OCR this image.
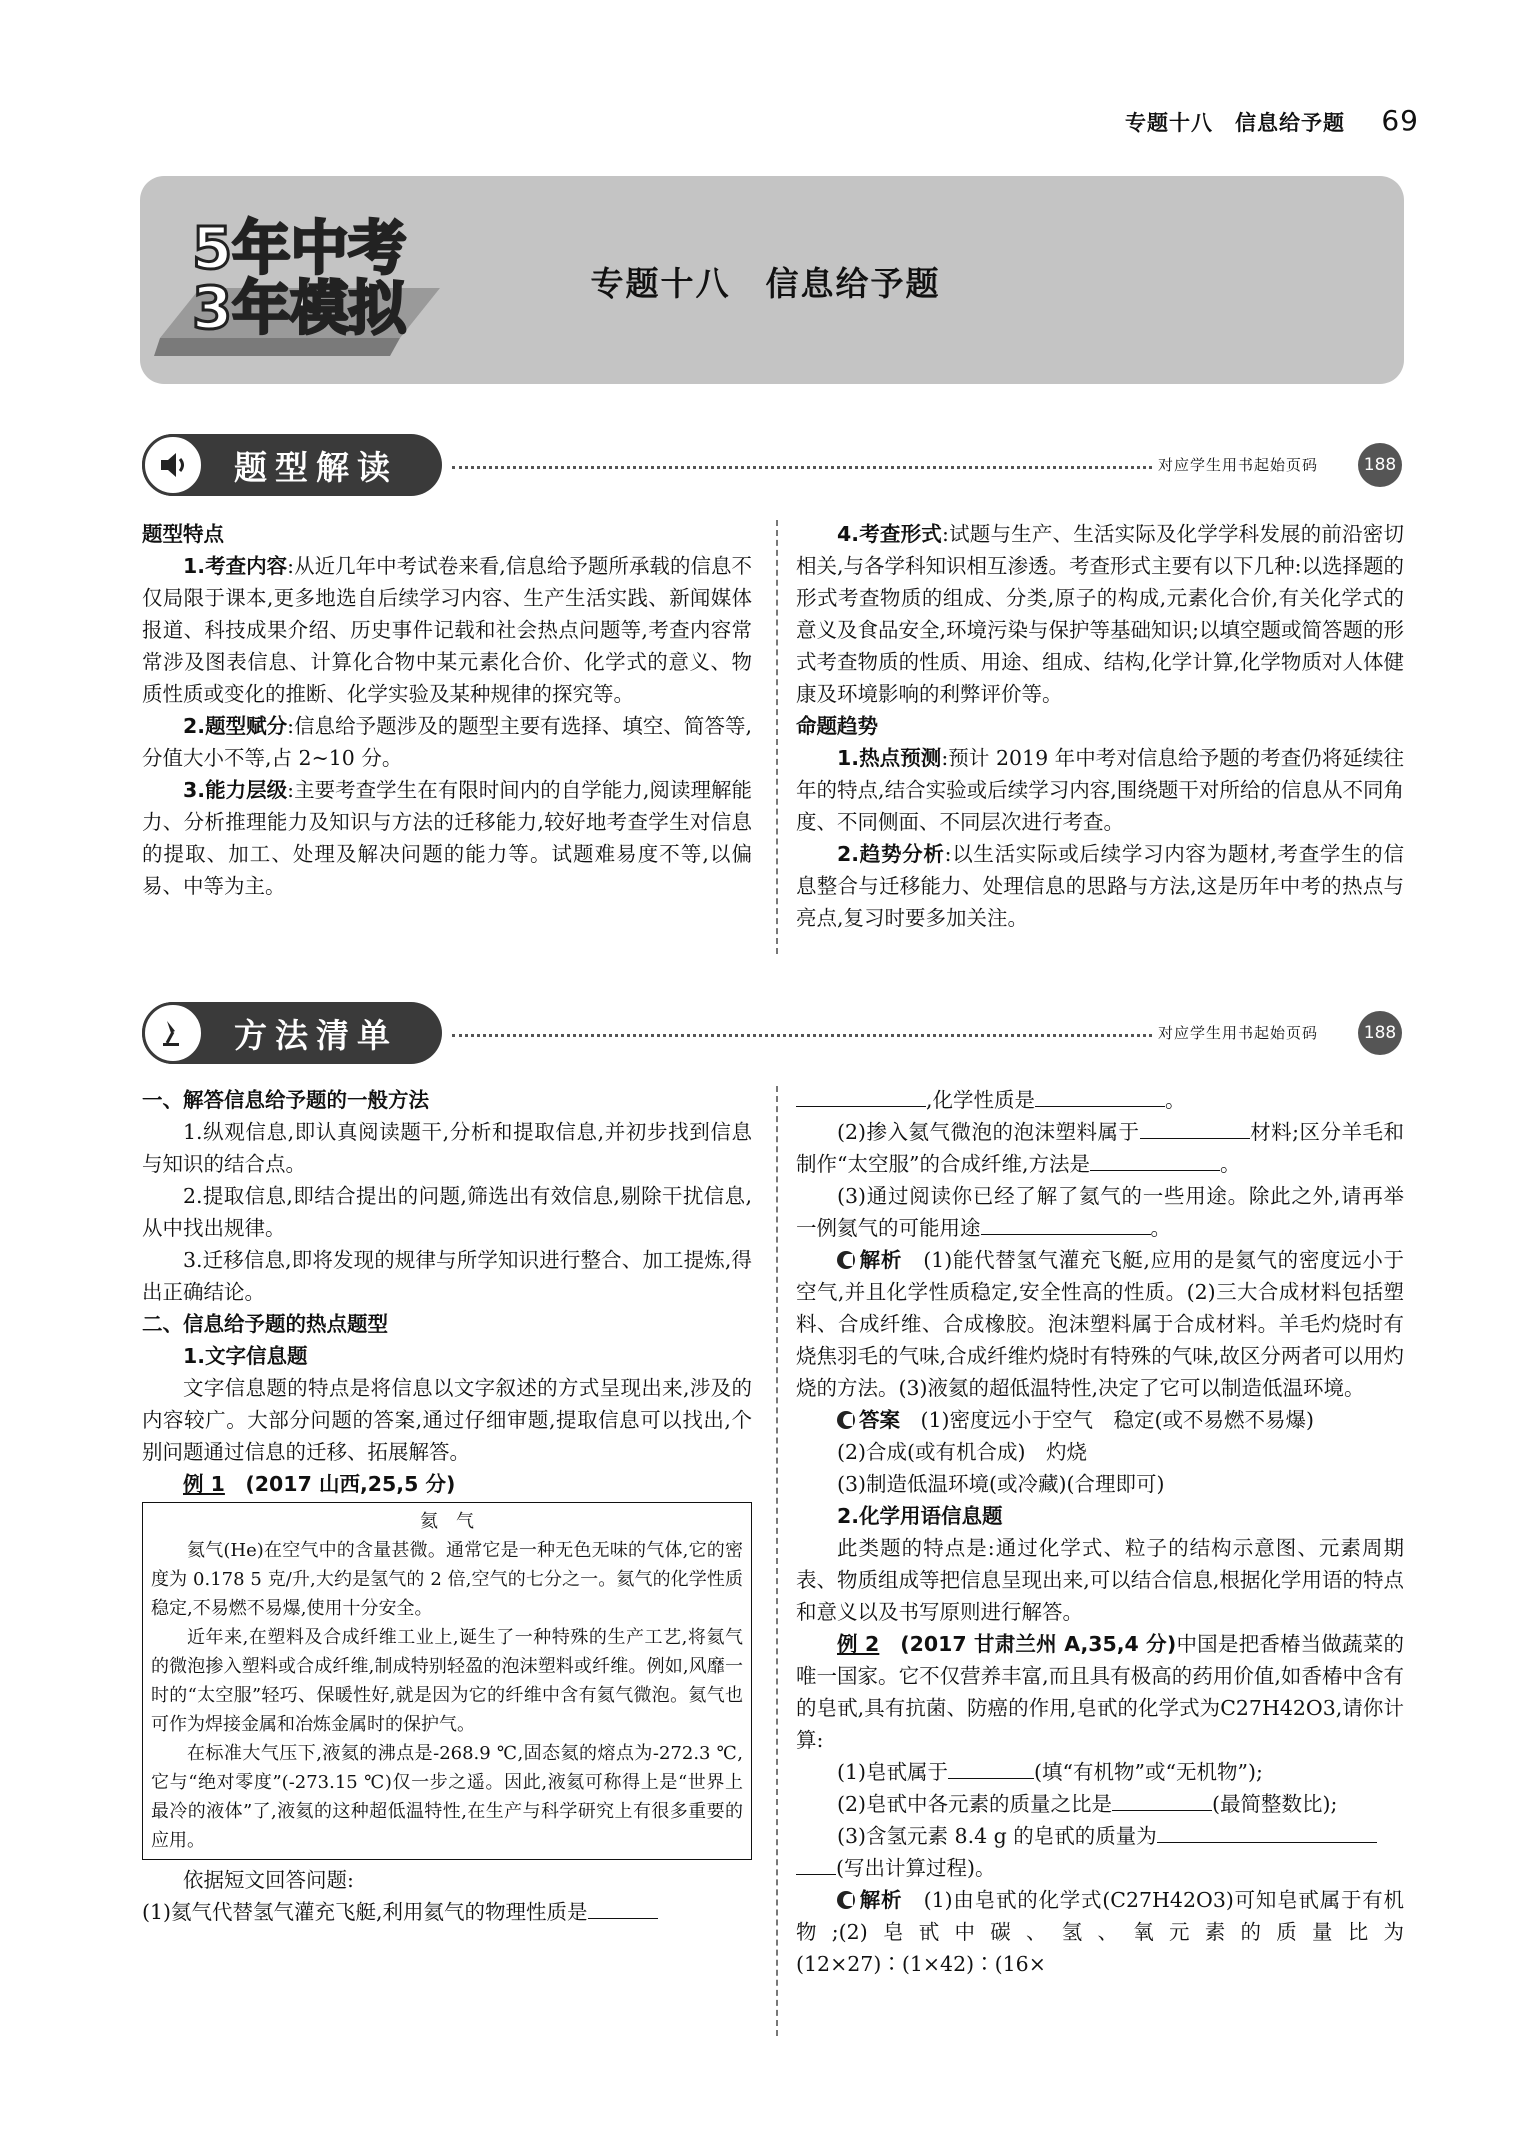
专题十八　信息给予题 69
5年中考
3年模拟	专题十八　信息给予题
题型解读	对应学生用书起始页码	188

题型特点

1.考查内容:从近几年中考试卷来看,信息给予题所承载的信息不仅局限于课本,更多地选自后续学习内容、生产生活实践、新闻媒体报道、科技成果介绍、历史事件记载和社会热点问题等,考查内容常常涉及图表信息、计算化合物中某元素化合价、化学式的意义、物质性质或变化的推断、化学实验及某种规律的探究等。

2.题型赋分:信息给予题涉及的题型主要有选择、填空、简答等,分值大小不等,占 2~10 分。

3.能力层级:主要考查学生在有限时间内的自学能力,阅读理解能力、分析推理能力及知识与方法的迁移能力,较好地考查学生对信息的提取、加工、处理及解决问题的能力等。试题难易度不等,以偏易、中等为主。

4.考查形式:试题与生产、生活实际及化学学科发展的前沿密切相关,与各学科知识相互渗透。考查形式主要有以下几种:以选择题的形式考查物质的组成、分类,原子的构成,元素化合价,有关化学式的意义及食品安全,环境污染与保护等基础知识;以填空题或简答题的形式考查物质的性质、用途、组成、结构,化学计算,化学物质对人体健康及环境影响的利弊评价等。

命题趋势

1.热点预测:预计 2019 年中考对信息给予题的考查仍将延续往年的特点,结合实验或后续学习内容,围绕题干对所给的信息从不同角度、不同侧面、不同层次进行考查。

2.趋势分析:以生活实际或后续学习内容为题材,考查学生的信息整合与迁移能力、处理信息的思路与方法,这是历年中考的热点与亮点,复习时要多加关注。

方法清单	对应学生用书起始页码	188

一、解答信息给予题的一般方法

1.纵观信息,即认真阅读题干,分析和提取信息,并初步找到信息与知识的结合点。

2.提取信息,即结合提出的问题,筛选出有效信息,剔除干扰信息,从中找出规律。

3.迁移信息,即将发现的规律与所学知识进行整合、加工提炼,得出正确结论。

二、信息给予题的热点题型

1.文字信息题

文字信息题的特点是将信息以文字叙述的方式呈现出来,涉及的内容较广。大部分问题的答案,通过仔细审题,提取信息可以找出,个别问题通过信息的迁移、拓展解答。

例 1　 (2017 山西,25,5 分)

氦　气

氦气(He)在空气中的含量甚微。通常它是一种无色无味的气体,它的密度为 0.178 5 克/升,大约是氢气的 2 倍,空气的七分之一。氦气的化学性质稳定,不易燃不易爆,使用十分安全。

近年来,在塑料及合成纤维工业上,诞生了一种特殊的生产工艺,将氦气的微泡掺入塑料或合成纤维,制成特别轻盈的泡沫塑料或纤维。例如,风靡一时的“太空服”轻巧、保暖性好,就是因为它的纤维中含有氦气微泡。氦气也可作为焊接金属和冶炼金属时的保护气。

在标准大气压下,液氦的沸点是-268.9 ℃,固态氦的熔点为-272.3 ℃,它与“绝对零度”(-273.15 ℃)仅一步之遥。因此,液氦可称得上是“世界上最冷的液体”了,液氦的这种超低温特性,在生产与科学研究上有很多重要的应用。

依据短文回答问题:

(1)氦气代替氢气灌充飞艇,利用氦气的物理性质是

,化学性质是	。

(2)掺入氦气微泡的泡沫塑料属于	材料;区分羊毛和制作“太空服”的合成纤维,方法是	。

(3)通过阅读你已经了解了氦气的一些用途。除此之外,请再举一例氦气的可能用途	。

解析　 (1)能代替氢气灌充飞艇,应用的是氦气的密度远小于空气,并且化学性质稳定,安全性高的性质。(2)三大合成材料包括塑料、合成纤维、合成橡胶。泡沫塑料属于合成材料。羊毛灼烧时有烧焦羽毛的气味,合成纤维灼烧时有特殊的气味,故区分两者可以用灼烧的方法。(3)液氦的超低温特性,决定了它可以制造低温环境。

答案　 (1)密度远小于空气　稳定(或不易燃不易爆)

(2)合成(或有机合成)　灼烧

(3)制造低温环境(或冷藏)(合理即可)

2.化学用语信息题

此类题的特点是:通过化学式、粒子的结构示意图、元素周期表、物质组成等把信息呈现出来,可以结合信息,根据化学用语的特点和意义以及书写原则进行解答。

例 2　 (2017 甘肃兰州 A,35,4 分)中国是把香椿当做蔬菜的唯一国家。它不仅营养丰富,而且具有极高的药用价值,如香椿中含有的皂甙,具有抗菌、防癌的作用,皂甙的化学式为C27H42O3,请你计算:

(1)皂甙属于	(填“有机物”或“无机物”);

(2)皂甙中各元素的质量之比是	(最简整数比);

(3)含氢元素 8.4 g 的皂甙的质量为

(写出计算过程)。

解析　 (1)由皂甙的化学式(C27H42O3)可知皂甙属于有机物;(2)皂甙中碳、氢、氧元素的质量比为(12×27)∶(1×42)∶(16×
